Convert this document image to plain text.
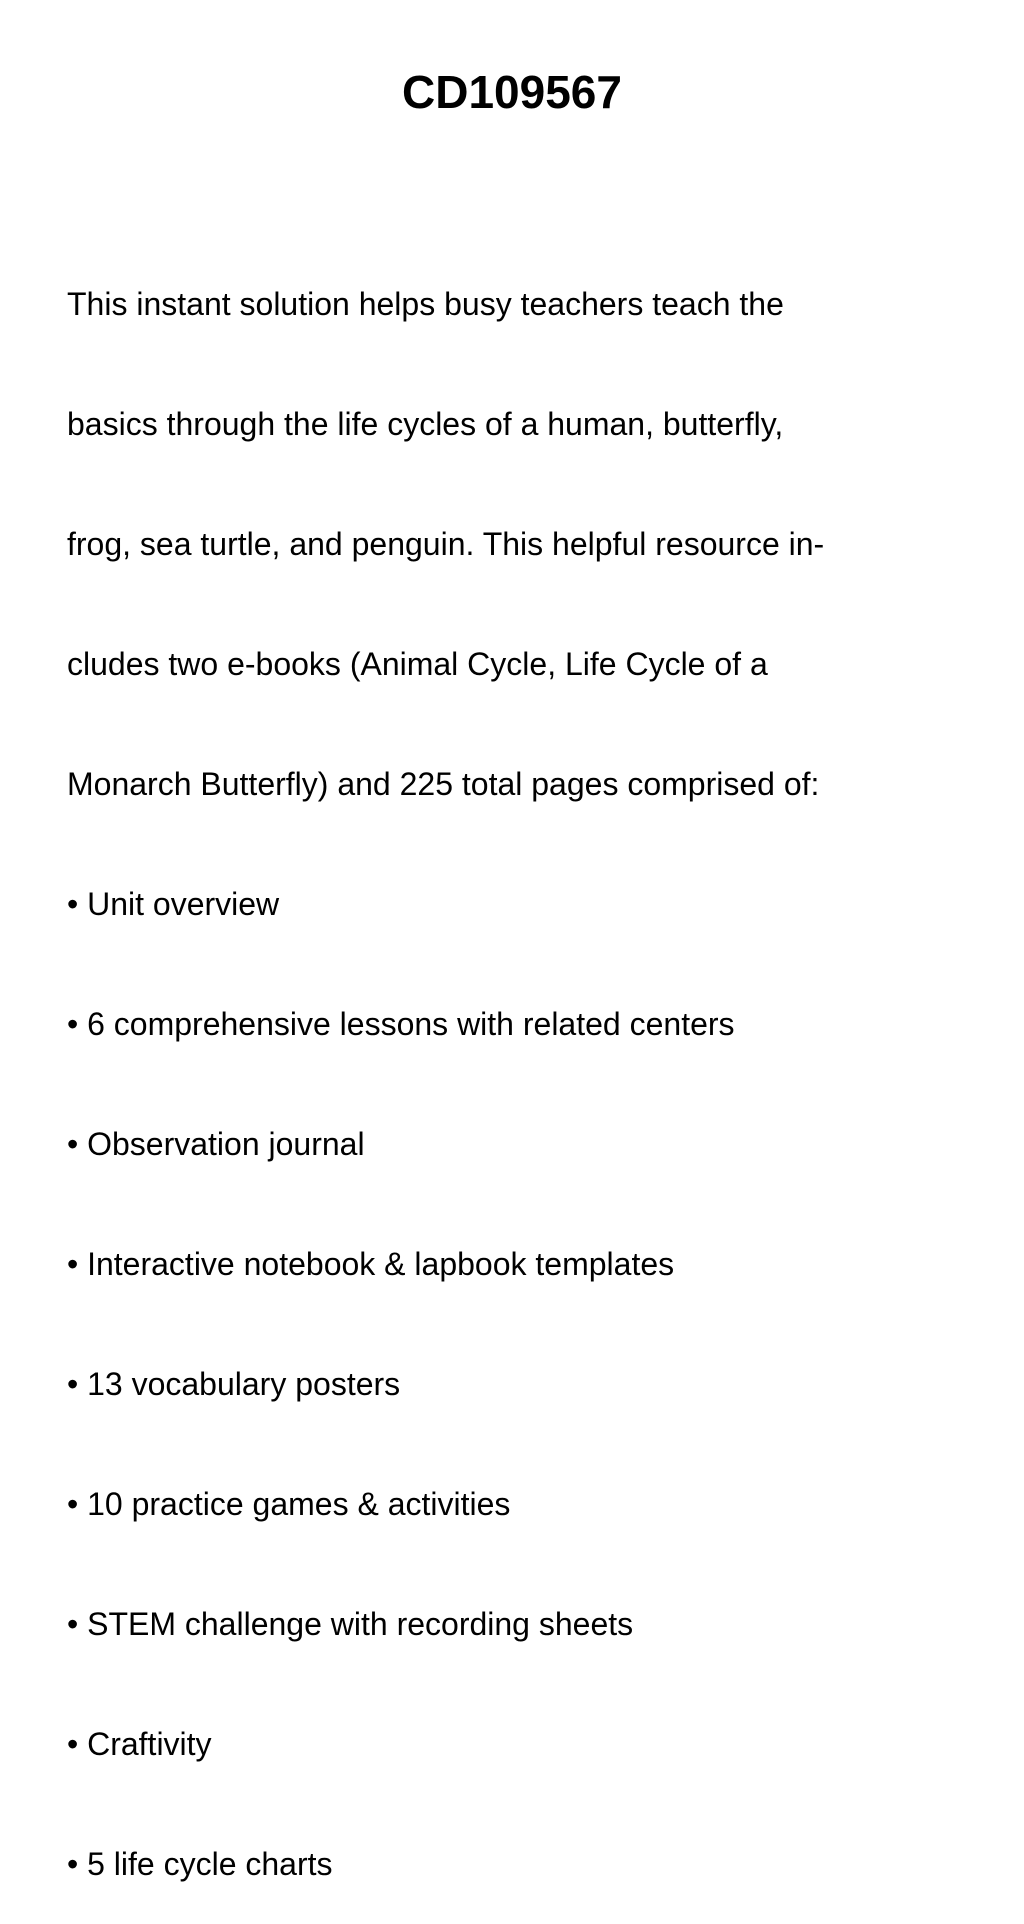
CD109567

This instant solution helps busy teachers teach the

basics through the life cycles of a human, butterfly,

frog, sea turtle, and penguin. This helpful resource in-

cludes two e-books (Animal Cycle, Life Cycle of a

Monarch Butterfly) and 225 total pages comprised of:

• Unit overview

• 6 comprehensive lessons with related centers

• Observation journal

• Interactive notebook & lapbook templates

• 13 vocabulary posters

• 10 practice games & activities

• STEM challenge with recording sheets

• Craftivity

• 5 life cycle charts
